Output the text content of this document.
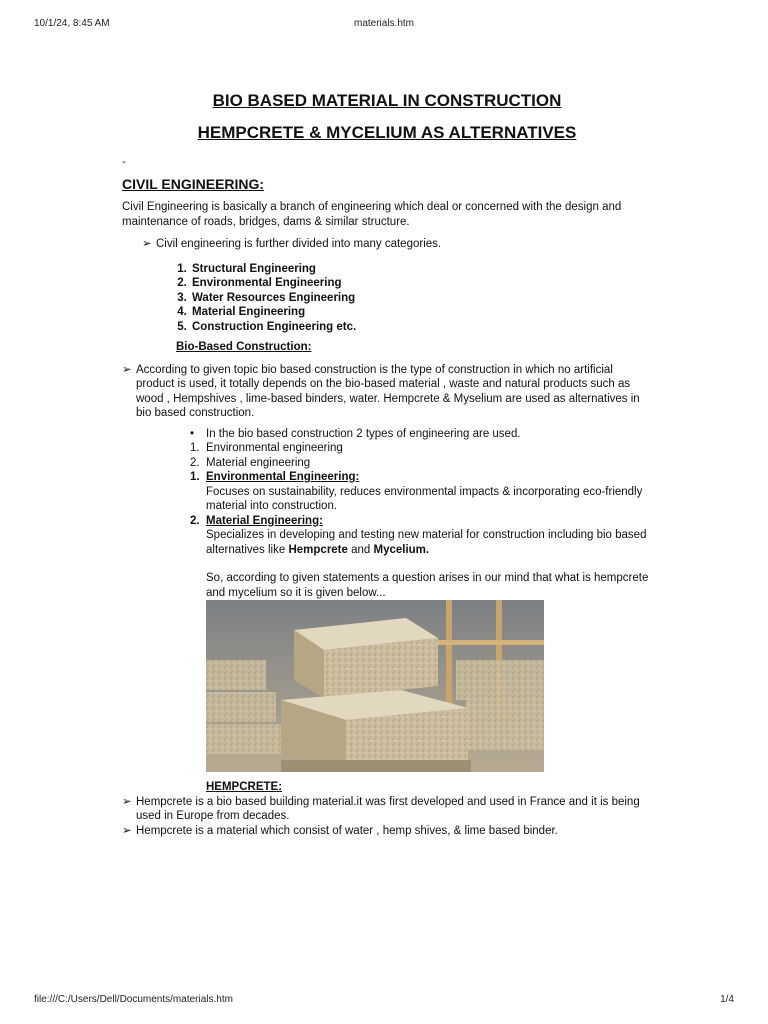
10/1/24, 8:45 AM	materials.htm

BIO BASED MATERIAL IN CONSTRUCTION

HEMPCRETE & MYCELIUM AS ALTERNATIVES

-
CIVIL ENGINEERING:

Civil Engineering is basically a branch of engineering which deal or concerned with the design and maintenance of roads, bridges, dams & similar structure.

➢ Civil engineering is further divided into many categories.
1. Structural Engineering
2. Environmental Engineering
3. Water Resources Engineering
4. Material Engineering
5. Construction Engineering etc.
Bio-Based Construction:
➢ According to given topic bio based construction is the type of construction in which no artificial product is used, it totally depends on the bio-based material , waste and natural products such as wood , Hempshives , lime-based binders, water. Hempcrete & Myselium are used as alternatives in bio based construction.
• In the bio based construction 2 types of engineering are used.
1. Environmental engineering
2. Material engineering
1. Environmental Engineering:

Focuses on sustainability, reduces environmental impacts & incorporating eco-friendly material into construction.

2. Material Engineering:

Specializes in developing and testing new material for construction including bio based alternatives like Hempcrete and Mycelium.

So, according to given statements a question arises in our mind that what is hempcrete and mycelium so it is given below...

HEMPCRETE:
➢ Hempcrete is a bio based building material.it was first developed and used in France and it is being used in Europe from decades.
➢ Hempcrete is a material which consist of water , hemp shives, & lime based binder.
file:///C:/Users/Dell/Documents/materials.htm	1/4
